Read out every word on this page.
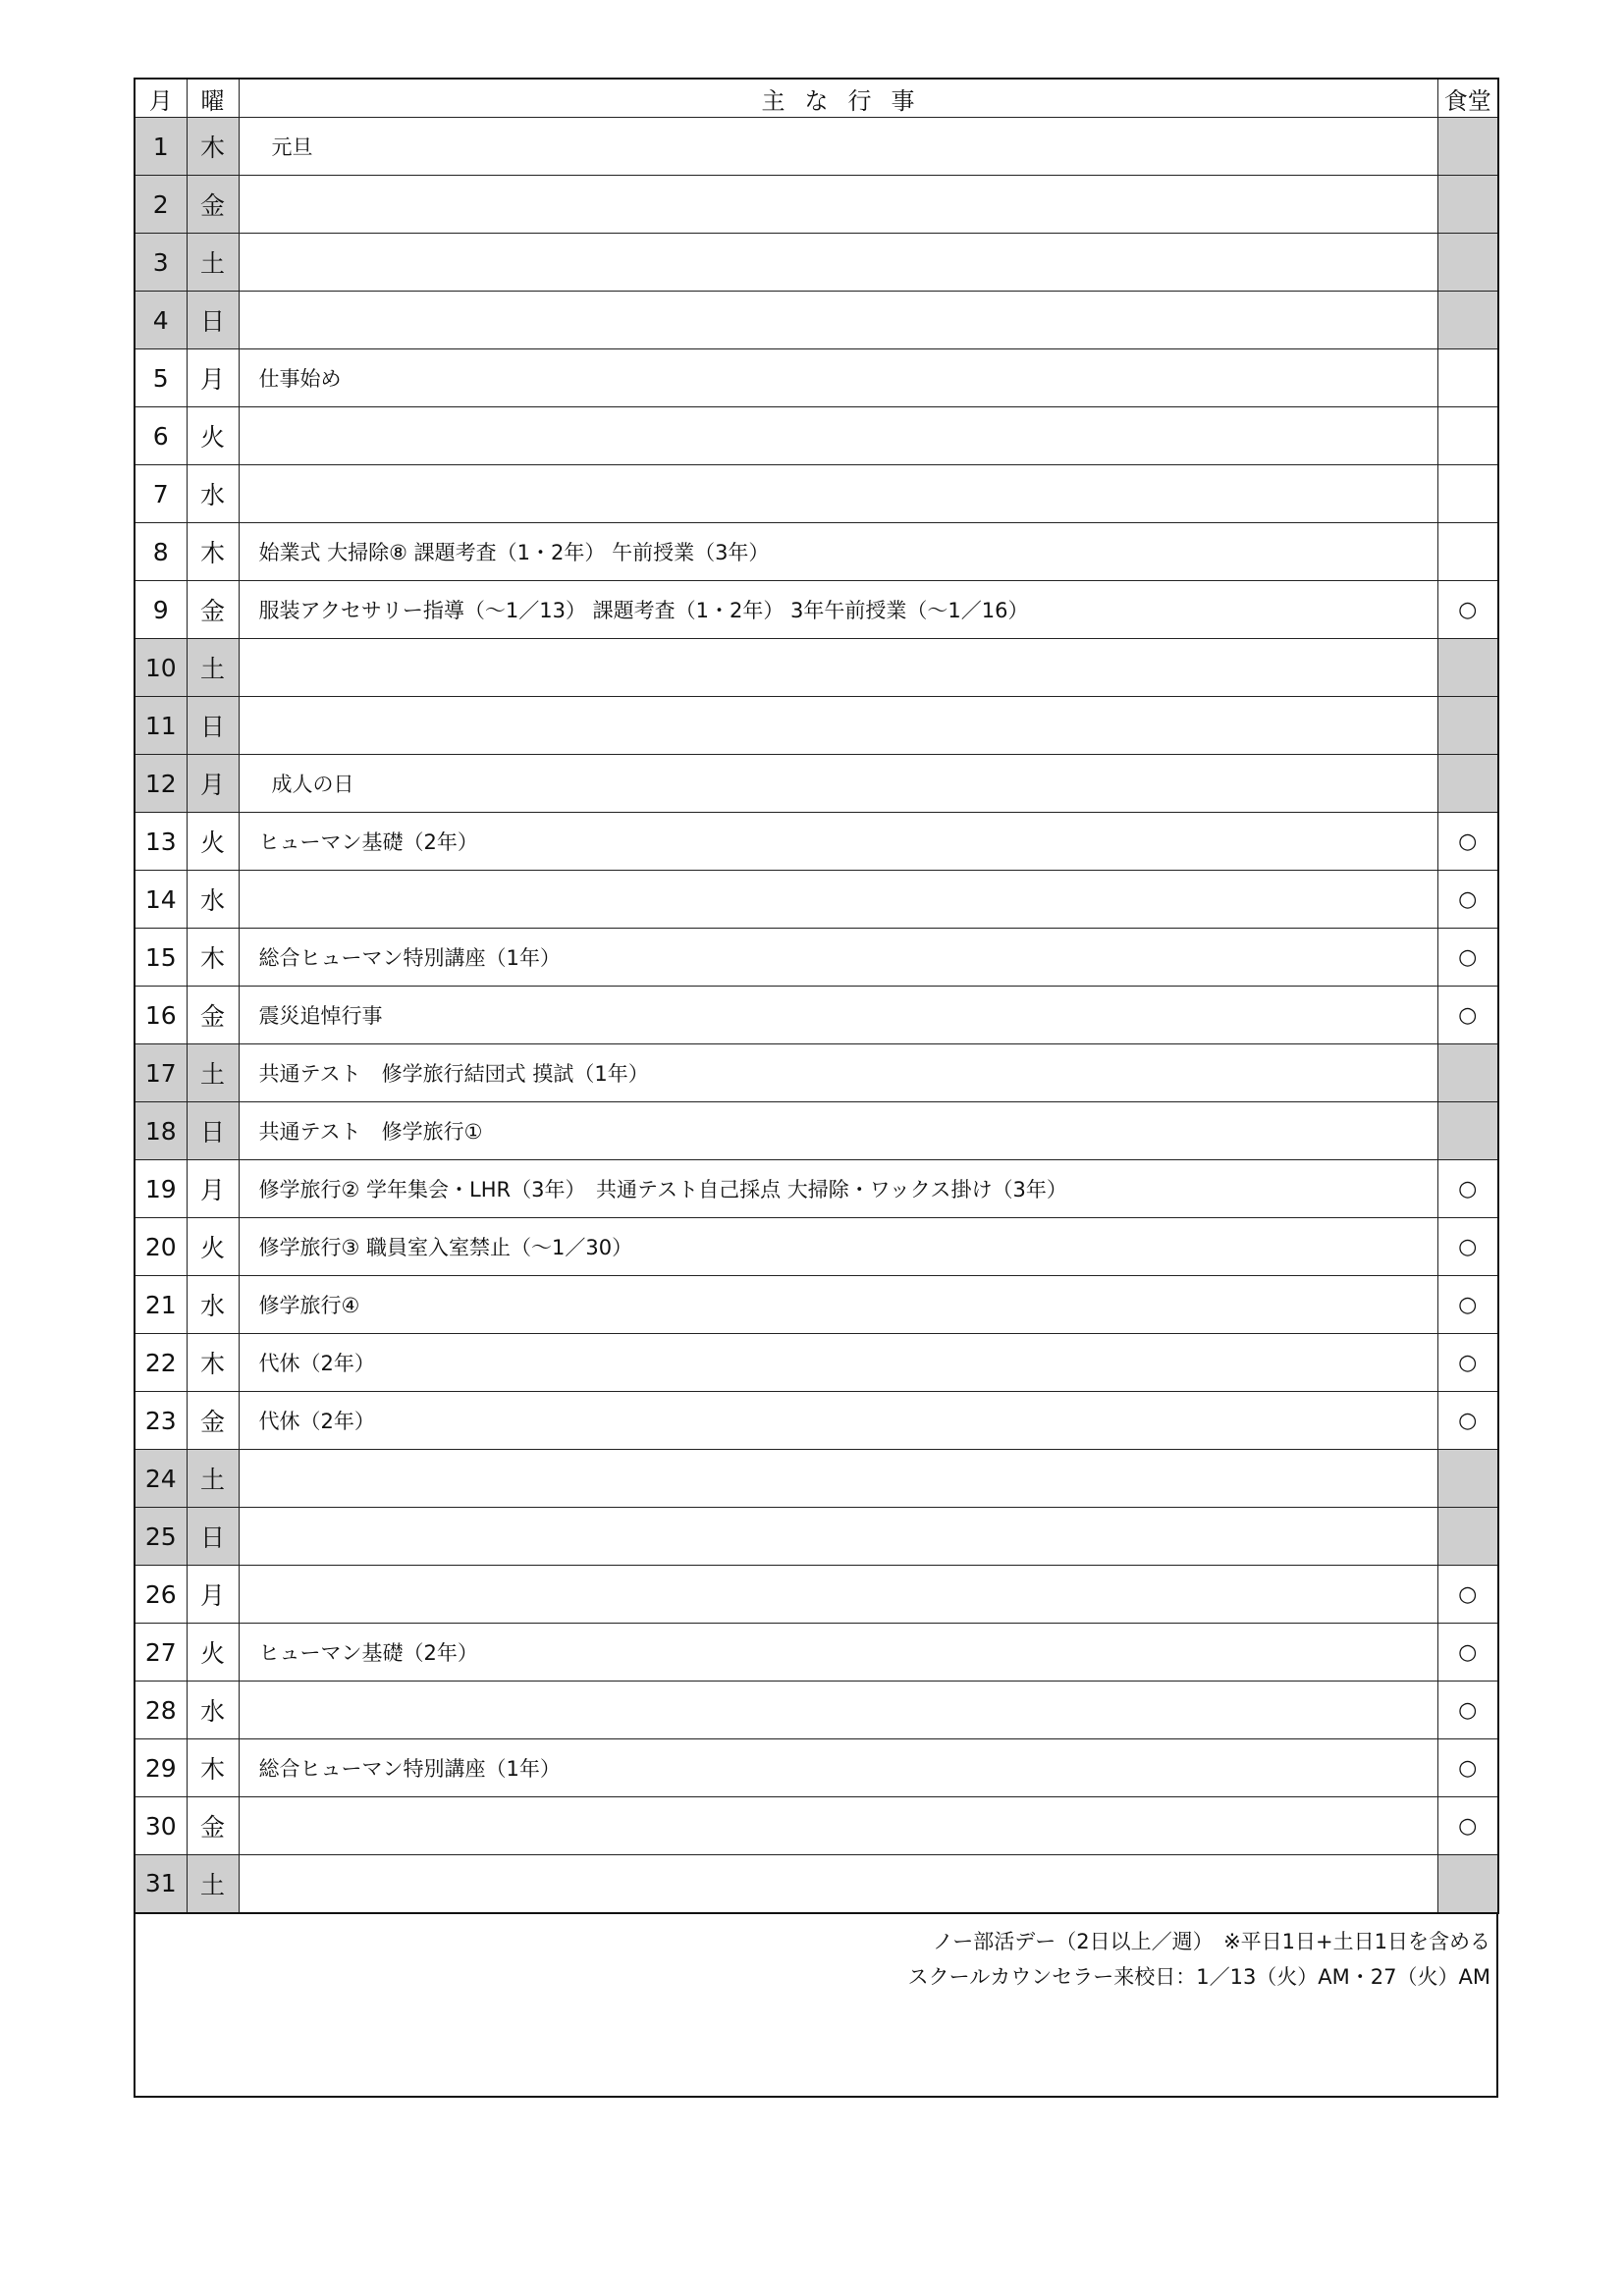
月	曜	主な行事	食堂
1	木	元旦	
2	金		
3	土		
4	日		
5	月	仕事始め	
6	火		
7	水		
8	木	始業式 大掃除⑧ 課題考査（1・2年） 午前授業（3年）	
9	金	服装アクセサリー指導（～1／13） 課題考査（1・2年） 3年午前授業（～1／16）	○
10	土		
11	日		
12	月	成人の日	
13	火	ヒューマン基礎（2年）	○
14	水		○
15	木	総合ヒューマン特別講座（1年）	○
16	金	震災追悼行事	○
17	土	共通テスト　修学旅行結団式 摸試（1年）	
18	日	共通テスト　修学旅行①	
19	月	修学旅行② 学年集会・LHR（3年）　共通テスト自己採点 大掃除・ワックス掛け（3年）	○
20	火	修学旅行③ 職員室入室禁止（～1／30）	○
21	水	修学旅行④	○
22	木	代休（2年）	○
23	金	代休（2年）	○
24	土		
25	日		
26	月		○
27	火	ヒューマン基礎（2年）	○
28	水		○
29	木	総合ヒューマン特別講座（1年）	○
30	金		○
31	土		
ノー部活デー（2日以上／週）　※平日1日+土日1日を含める
スクールカウンセラー来校日：1／13（火）AM・27（火）AM
